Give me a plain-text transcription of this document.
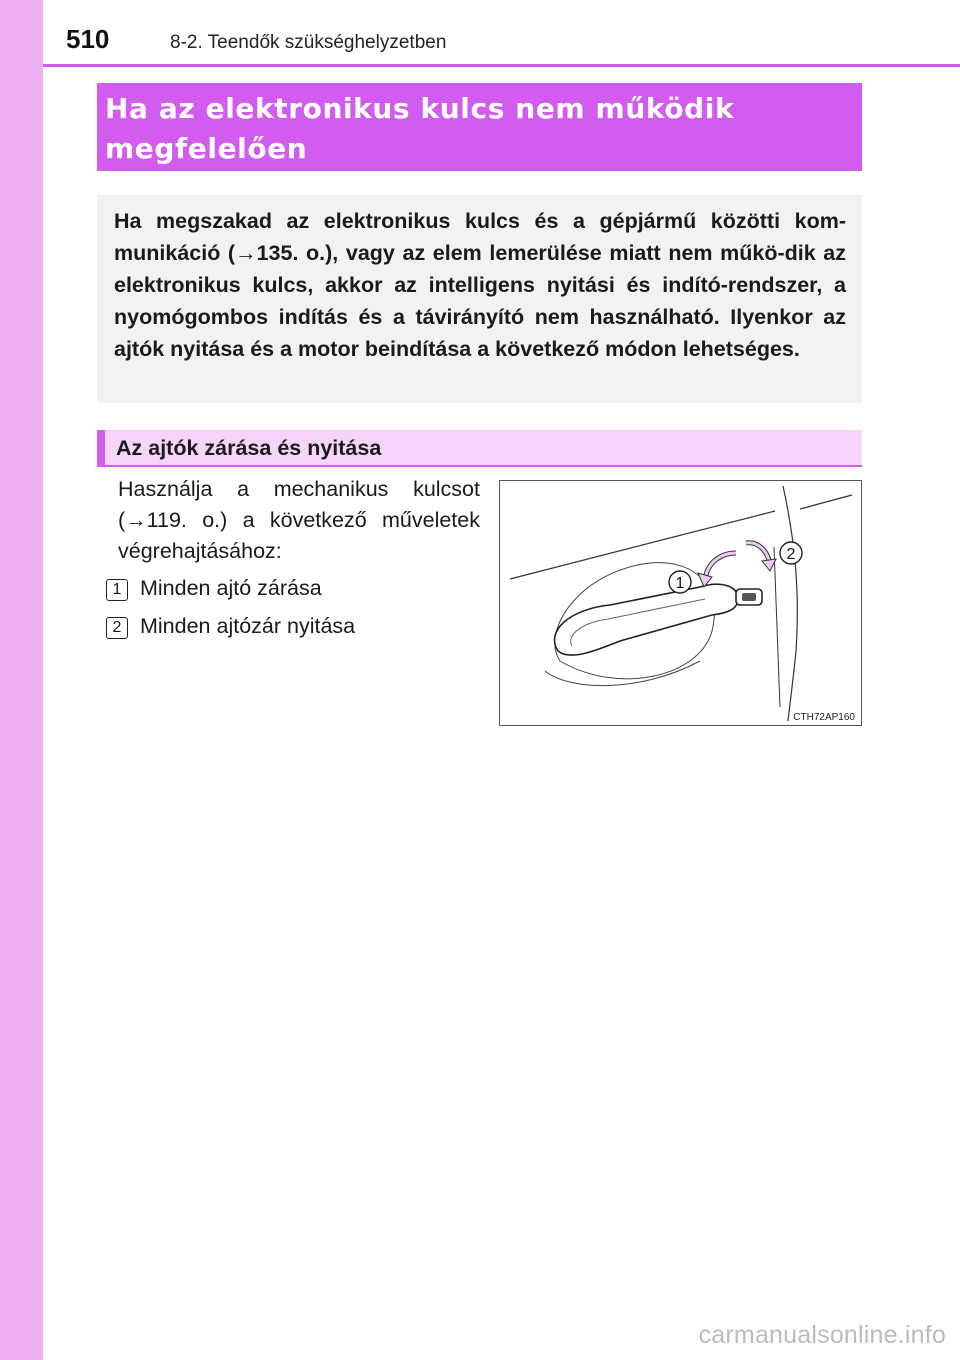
510	8-2. Teendők szükséghelyzetben
Ha az elektronikus kulcs nem működik megfelelően

Ha megszakad az elektronikus kulcs és a gépjármű közötti kom-munikáció (→135. o.), vagy az elem lemerülése miatt nem műkö-dik az elektronikus kulcs, akkor az intelligens nyitási és indító-rendszer, a nyomógombos indítás és a távirányító nem használható. Ilyenkor az ajtók nyitása és a motor beindítása a következő módon lehetséges.

Az ajtók zárása és nyitása
Használja a mechanikus kulcsot (→119. o.) a következő műveletek végrehajtásához:
1 Minden ajtó zárása
2 Minden ajtózár nyitása
1
2
CTH72AP160
carmanualsonline.info
